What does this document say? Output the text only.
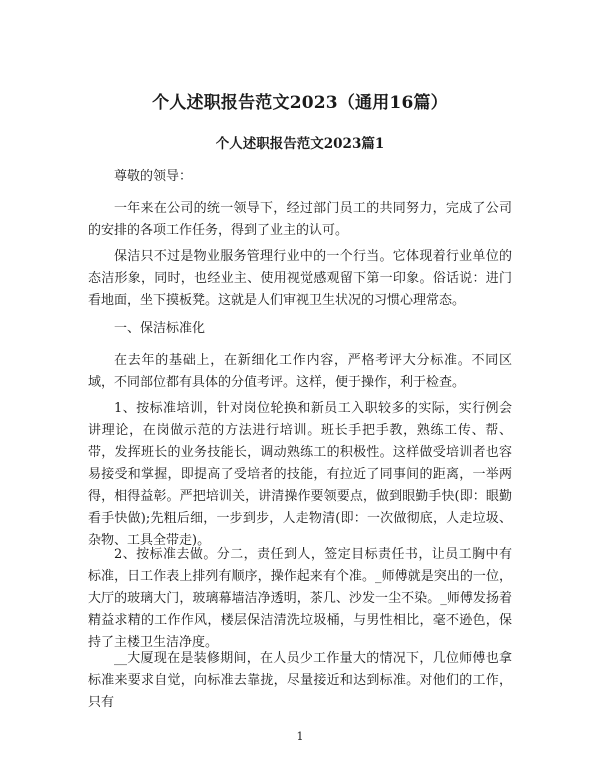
个人述职报告范文2023（通用16篇）
个人述职报告范文2023篇1
尊敬的领导：
一年来在公司的统一领导下，经过部门员工的共同努力，完成了公司的安排的各项工作任务，得到了业主的认可。
保洁只不过是物业服务管理行业中的一个行当。它体现着行业单位的态洁形象，同时，也经业主、使用视觉感观留下第一印象。俗话说：进门看地面，坐下摸板凳。这就是人们审视卫生状况的习惯心理常态。
一、保洁标准化
在去年的基础上，在新细化工作内容，严格考评大分标准。不同区域，不同部位都有具体的分值考评。这样，便于操作，利于检查。
1、按标准培训，针对岗位轮换和新员工入职较多的实际，实行例会讲理论，在岗做示范的方法进行培训。班长手把手教，熟练工传、帮、带，发挥班长的业务技能长，调动熟练工的积极性。这样做受培训者也容易接受和掌握，即提高了受培者的技能，有拉近了同事间的距离，一举两得，相得益彰。严把培训关，讲清操作要领要点，做到眼勤手快(即：眼勤看手快做);先粗后细，一步到步，人走物清(即：一次做彻底，人走垃圾、杂物、工具全带走)。
2、按标准去做。分二，责任到人，签定目标责任书，让员工胸中有标准，日工作表上排列有顺序，操作起来有个准。_师傅就是突出的一位，大厅的玻璃大门，玻璃幕墙洁净透明，茶几、沙发一尘不染。_师傅发扬着精益求精的工作作风，楼层保洁清洗垃圾桶，与男性相比，毫不逊色，保持了主楼卫生洁净度。
__大厦现在是装修期间，在人员少工作量大的情况下，几位师傅也拿标准来要求自觉，向标准去靠拢，尽量接近和达到标准。对他们的工作，只有
1
